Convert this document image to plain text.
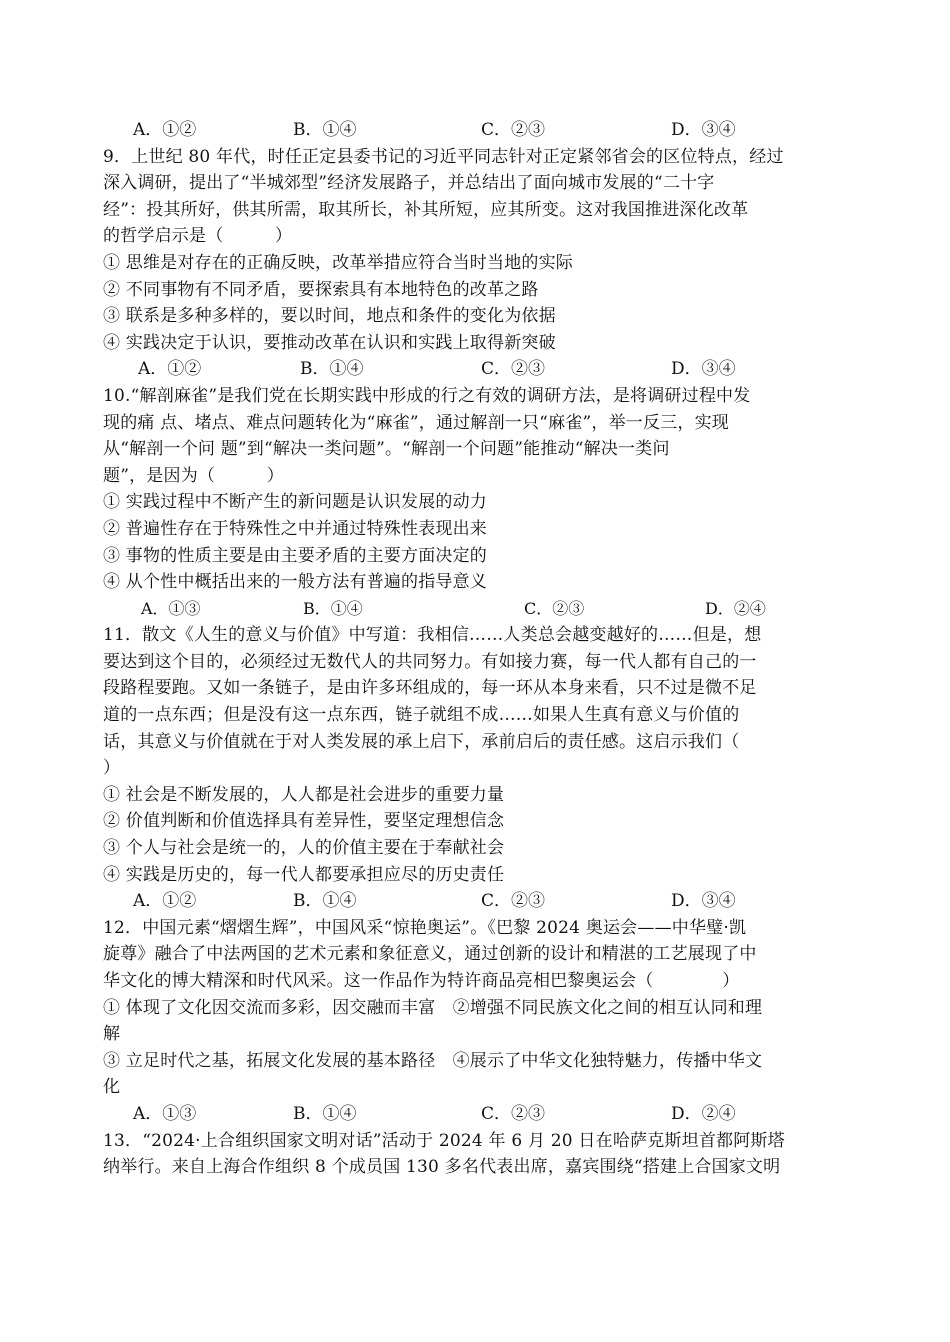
A．①②	B．①④	C．②③	D．③④
9．上世纪 80 年代，时任正定县委书记的习近平同志针对正定紧邻省会的区位特点，经过
深入调研，提出了“半城郊型”经济发展路子，并总结出了面向城市发展的“二十字
经”：投其所好，供其所需，取其所长，补其所短，应其所变。这对我国推进深化改革
的哲学启示是（　　　）
① 思维是对存在的正确反映，改革举措应符合当时当地的实际
② 不同事物有不同矛盾，要探索具有本地特色的改革之路
③ 联系是多种多样的，要以时间，地点和条件的变化为依据
④ 实践决定于认识，要推动改革在认识和实践上取得新突破
A．①②	B．①④	C．②③	D．③④
10.“解剖麻雀”是我们党在长期实践中形成的行之有效的调研方法，是将调研过程中发
现的痛 点、堵点、难点问题转化为“麻雀”，通过解剖一只“麻雀”，举一反三，实现
从“解剖一个问 题”到“解决一类问题”。“解剖一个问题”能推动“解决一类问
题”，是因为（　　　）
① 实践过程中不断产生的新问题是认识发展的动力
② 普遍性存在于特殊性之中并通过特殊性表现出来
③ 事物的性质主要是由主要矛盾的主要方面决定的
④ 从个性中概括出来的一般方法有普遍的指导意义
A．①③	B．①④	C．②③	D．②④
11．散文《人生的意义与价值》中写道：我相信……人类总会越变越好的……但是，想
要达到这个目的，必须经过无数代人的共同努力。有如接力赛，每一代人都有自己的一
段路程要跑。又如一条链子，是由许多环组成的，每一环从本身来看，只不过是微不足
道的一点东西；但是没有这一点东西，链子就组不成……如果人生真有意义与价值的
话，其意义与价值就在于对人类发展的承上启下，承前启后的责任感。这启示我们（
）
① 社会是不断发展的，人人都是社会进步的重要力量
② 价值判断和价值选择具有差异性，要坚定理想信念
③ 个人与社会是统一的，人的价值主要在于奉献社会
④ 实践是历史的，每一代人都要承担应尽的历史责任
A．①②	B．①④	C．②③	D．③④
12．中国元素“熠熠生辉”，中国风采“惊艳奥运”。《巴黎 2024 奥运会——中华璧·凯
旋尊》融合了中法两国的艺术元素和象征意义，通过创新的设计和精湛的工艺展现了中
华文化的博大精深和时代风采。这一作品作为特许商品亮相巴黎奥运会（　　　　）
① 体现了文化因交流而多彩，因交融而丰富　②增强不同民族文化之间的相互认同和理
解
③ 立足时代之基，拓展文化发展的基本路径　④展示了中华文化独特魅力，传播中华文
化
A．①③	B．①④	C．②③	D．②④
13．“2024·上合组织国家文明对话”活动于 2024 年 6 月 20 日在哈萨克斯坦首都阿斯塔
纳举行。来自上海合作组织 8 个成员国 130 多名代表出席，嘉宾围绕“搭建上合国家文明
